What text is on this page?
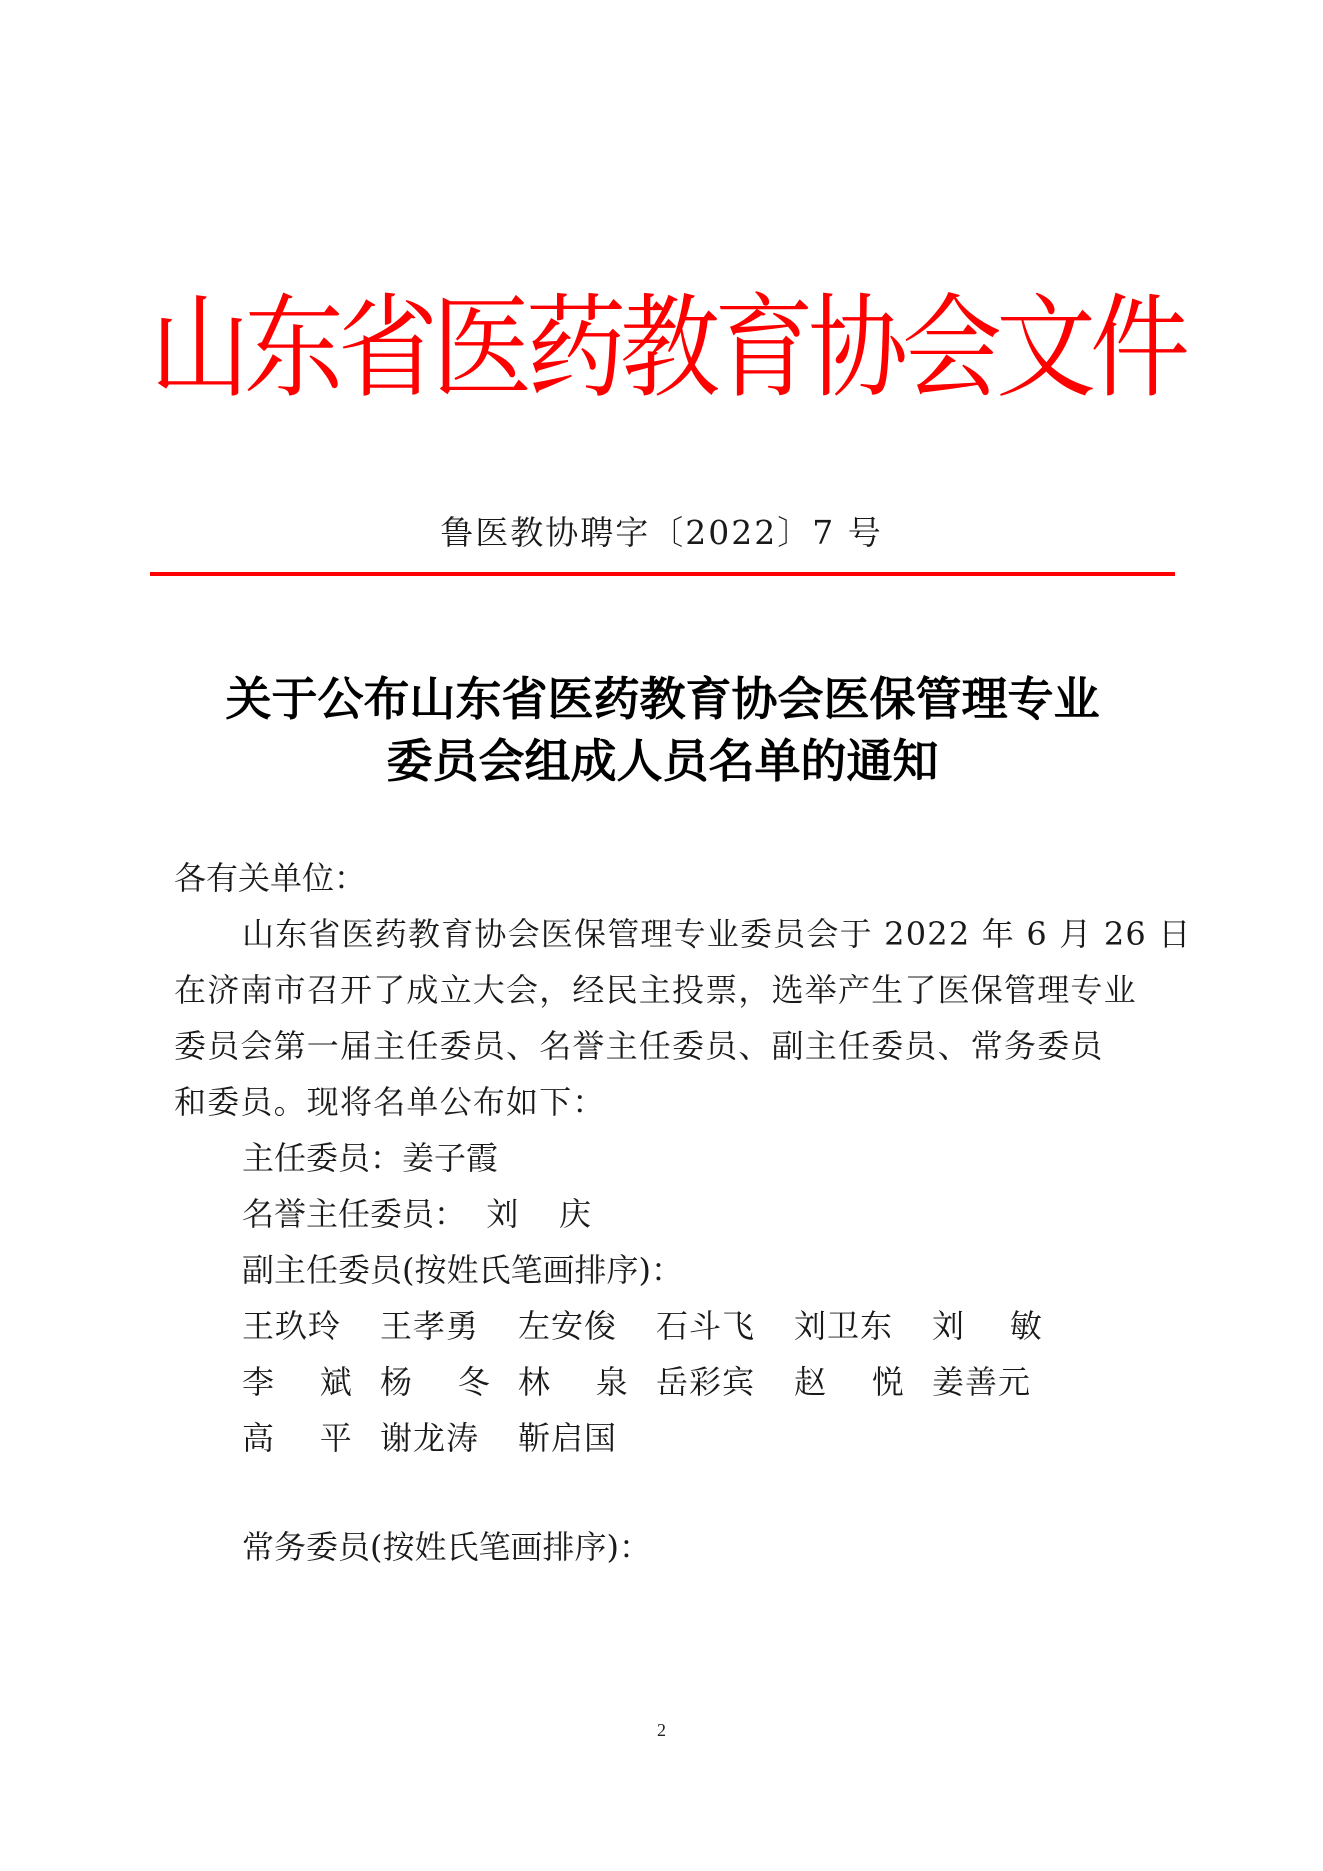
山东省医药教育协会文件
鲁医教协聘字〔2022〕7 号
关于公布山东省医药教育协会医保管理专业
委员会组成人员名单的通知
各有关单位：
山东省医药教育协会医保管理专业委员会于 2022 年 6 月 26 日
在济南市召开了成立大会，经民主投票，选举产生了医保管理专业
委员会第一届主任委员、名誉主任委员、副主任委员、常务委员
和委员。现将名单公布如下：
主任委员：姜子霞
名誉主任委员：  刘    庆
副主任委员(按姓氏笔画排序)：
王玖玲	王孝勇	左安俊	石斗飞	刘卫东	刘    敏
李    斌 杨    冬 林    泉 岳彩宾	赵    悦 姜善元
高    平 谢龙涛	靳启国
常务委员(按姓氏笔画排序)：
2
